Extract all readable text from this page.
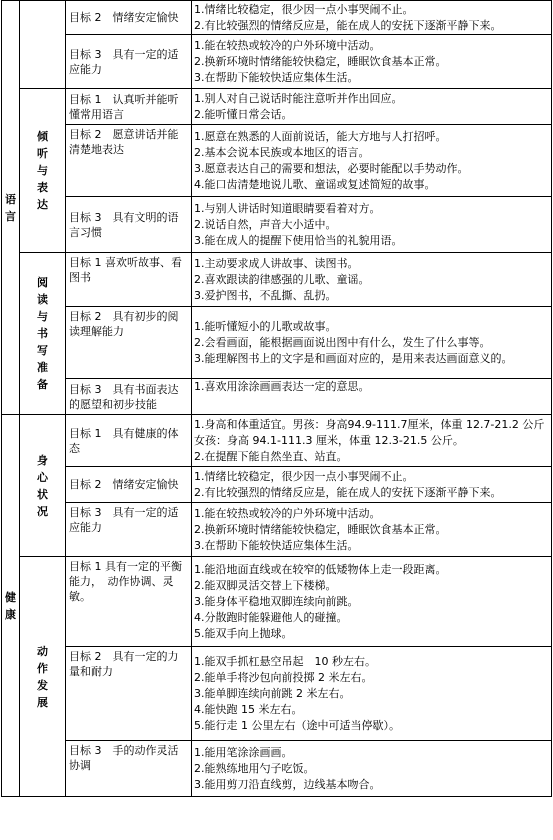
语言		目标 2　情绪安定愉快	1.情绪比较稳定，很少因一点小事哭闹不止。
2.有比较强烈的情绪反应是，能在成人的安抚下逐渐平静下来。

		目标 3　具有一定的适应能力	1.能在较热或较冷的户外环境中活动。
2.换新环境时情绪能较快稳定，睡眠饮食基本正常。
3.在帮助下能较快适应集体生活。

	倾听与表达	目标 1　认真听并能听懂常用语言	1.别人对自己说话时能注意听并作出回应。
2.能听懂日常会话。

		目标 2　愿意讲话并能清楚地表达	1.愿意在熟悉的人面前说话，能大方地与人打招呼。
2.基本会说本民族或本地区的语言。
3.愿意表达自己的需要和想法，必要时能配以手势动作。
4.能口齿清楚地说儿歌、童谣或复述简短的故事。

		目标 3　具有文明的语言习惯	1.与别人讲话时知道眼睛要看着对方。
2.说话自然，声音大小适中。
3.能在成人的提醒下使用恰当的礼貌用语。

	阅读与书写准备	目标 1 喜欢听故事、看图书	1.主动要求成人讲故事、读图书。
2.喜欢跟读韵律感强的儿歌、童谣。
3.爱护图书，不乱撕、乱扔。

		目标 2　具有初步的阅读理解能力	1.能听懂短小的儿歌或故事。
2.会看画面，能根据画面说出图中有什么，发生了什么事等。
3.能理解图书上的文字是和画面对应的，是用来表达画面意义的。

		目标 3　具有书面表达的愿望和初步技能	1.喜欢用涂涂画画表达一定的意思。

健康	身心状况	目标 1　具有健康的体态	1.身高和体重适宜。男孩：身高94.9-111.7厘米，体重 12.7-21.2 公斤女孩：身高 94.1-111.3 厘米，体重 12.3-21.5 公斤。
2.在提醒下能自然坐直、站直。

		目标 2　情绪安定愉快	1.情绪比较稳定，很少因一点小事哭闹不止。
2.有比较强烈的情绪反应是，能在成人的安抚下逐渐平静下来。

		目标 3　具有一定的适应能力	1.能在较热或较冷的户外环境中活动。
2.换新环境时情绪能较快稳定，睡眠饮食基本正常。
3.在帮助下能较快适应集体生活。

	动作发展	目标 1 具有一定的平衡能力，　动作协调、灵敏。	1.能沿地面直线或在较窄的低矮物体上走一段距离。
2.能双脚灵活交替上下楼梯。
3.能身体平稳地双脚连续向前跳。
4.分散跑时能躲避他人的碰撞。
5.能双手向上抛球。

		目标 2　具有一定的力量和耐力	1.能双手抓杠悬空吊起　10 秒左右。
2.能单手将沙包向前投掷 2 米左右。
3.能单脚连续向前跳 2 米左右。
4.能快跑 15 米左右。
5.能行走 1 公里左右（途中可适当停歇）。

		目标 3　手的动作灵活协调	1.能用笔涂涂画画。
2.能熟练地用勺子吃饭。
3.能用剪刀沿直线剪，边线基本吻合。
